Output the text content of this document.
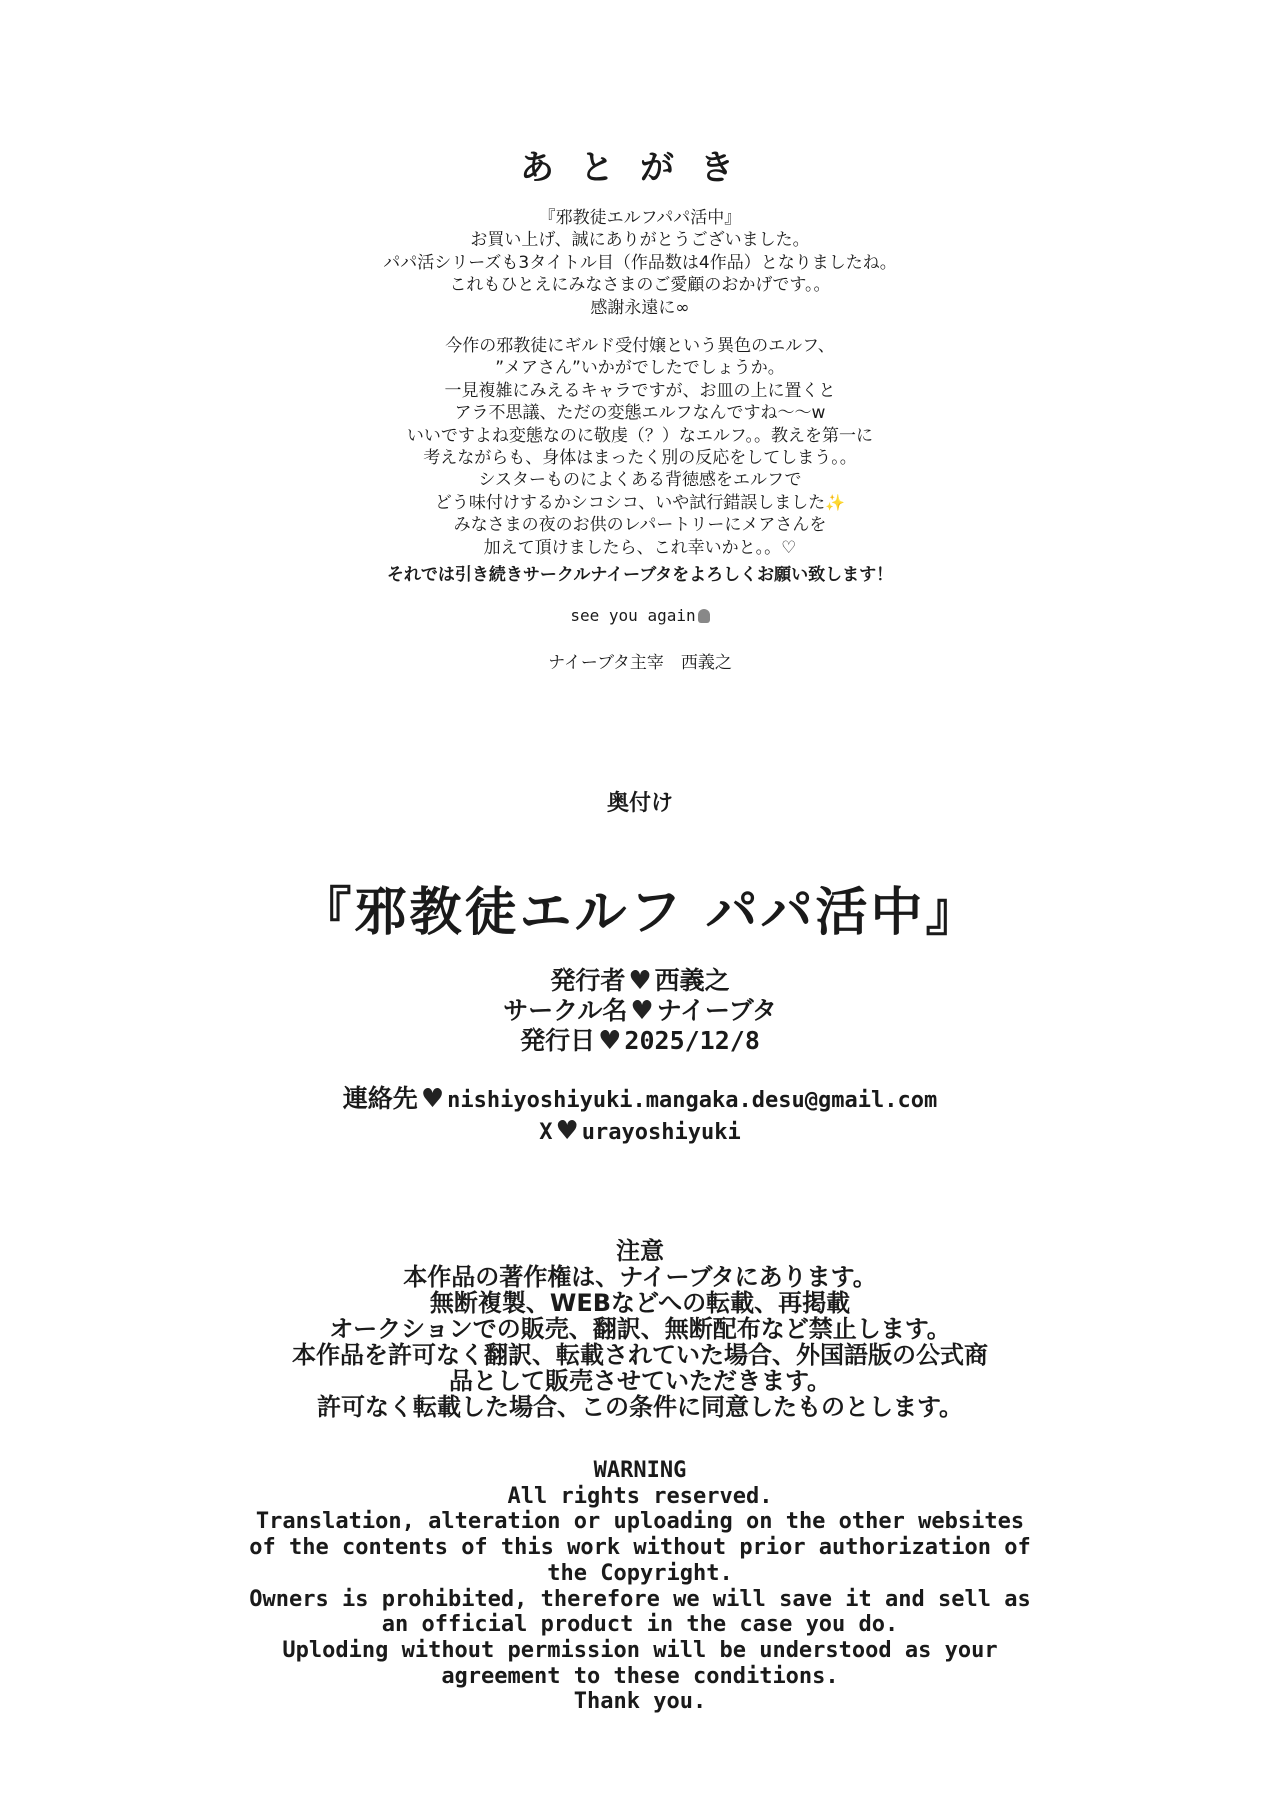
あとがき
『邪教徒エルフパパ活中』
お買い上げ、誠にありがとうございました。
パパ活シリーズも3タイトル目（作品数は4作品）となりましたね。
これもひとえにみなさまのご愛顧のおかげです。。
感謝永遠に∞
今作の邪教徒にギルド受付嬢という異色のエルフ、
”メアさん”いかがでしたでしょうか。
一見複雑にみえるキャラですが、お皿の上に置くと
アラ不思議、ただの変態エルフなんですね～～w
いいですよね変態なのに敬虔（？）なエルフ。。教えを第一に
考えながらも、身体はまったく別の反応をしてしまう。。
シスターものによくある背徳感をエルフで
どう味付けするかシコシコ、いや試行錯誤しました✨
みなさまの夜のお供のレパートリーにメアさんを
加えて頂けましたら、これ幸いかと。。♡
それでは引き続きサークルナイーブタをよろしくお願い致します！
see you again
ナイーブタ主宰　西義之
奥付け
『邪教徒エルフ パパ活中』
発行者 ♥ 西義之
サークル名 ♥ ナイーブタ
発行日 ♥ 2025/12/8
連絡先 ♥ nishiyoshiyuki.mangaka.desu@gmail.com
X ♥ urayoshiyuki
注意
本作品の著作権は、ナイーブタにあります。
無断複製、WEBなどへの転載、再掲載
オークションでの販売、翻訳、無断配布など禁止します。
本作品を許可なく翻訳、転載されていた場合、外国語版の公式商
品として販売させていただきます。
許可なく転載した場合、この条件に同意したものとします。
WARNING
All rights reserved.
Translation, alteration or uploading on the other websites
of the contents of this work without prior authorization of
the Copyright.
Owners is prohibited, therefore we will save it and sell as
an official product in the case you do.
Uploding without permission will be understood as your
agreement to these conditions.
Thank you.
